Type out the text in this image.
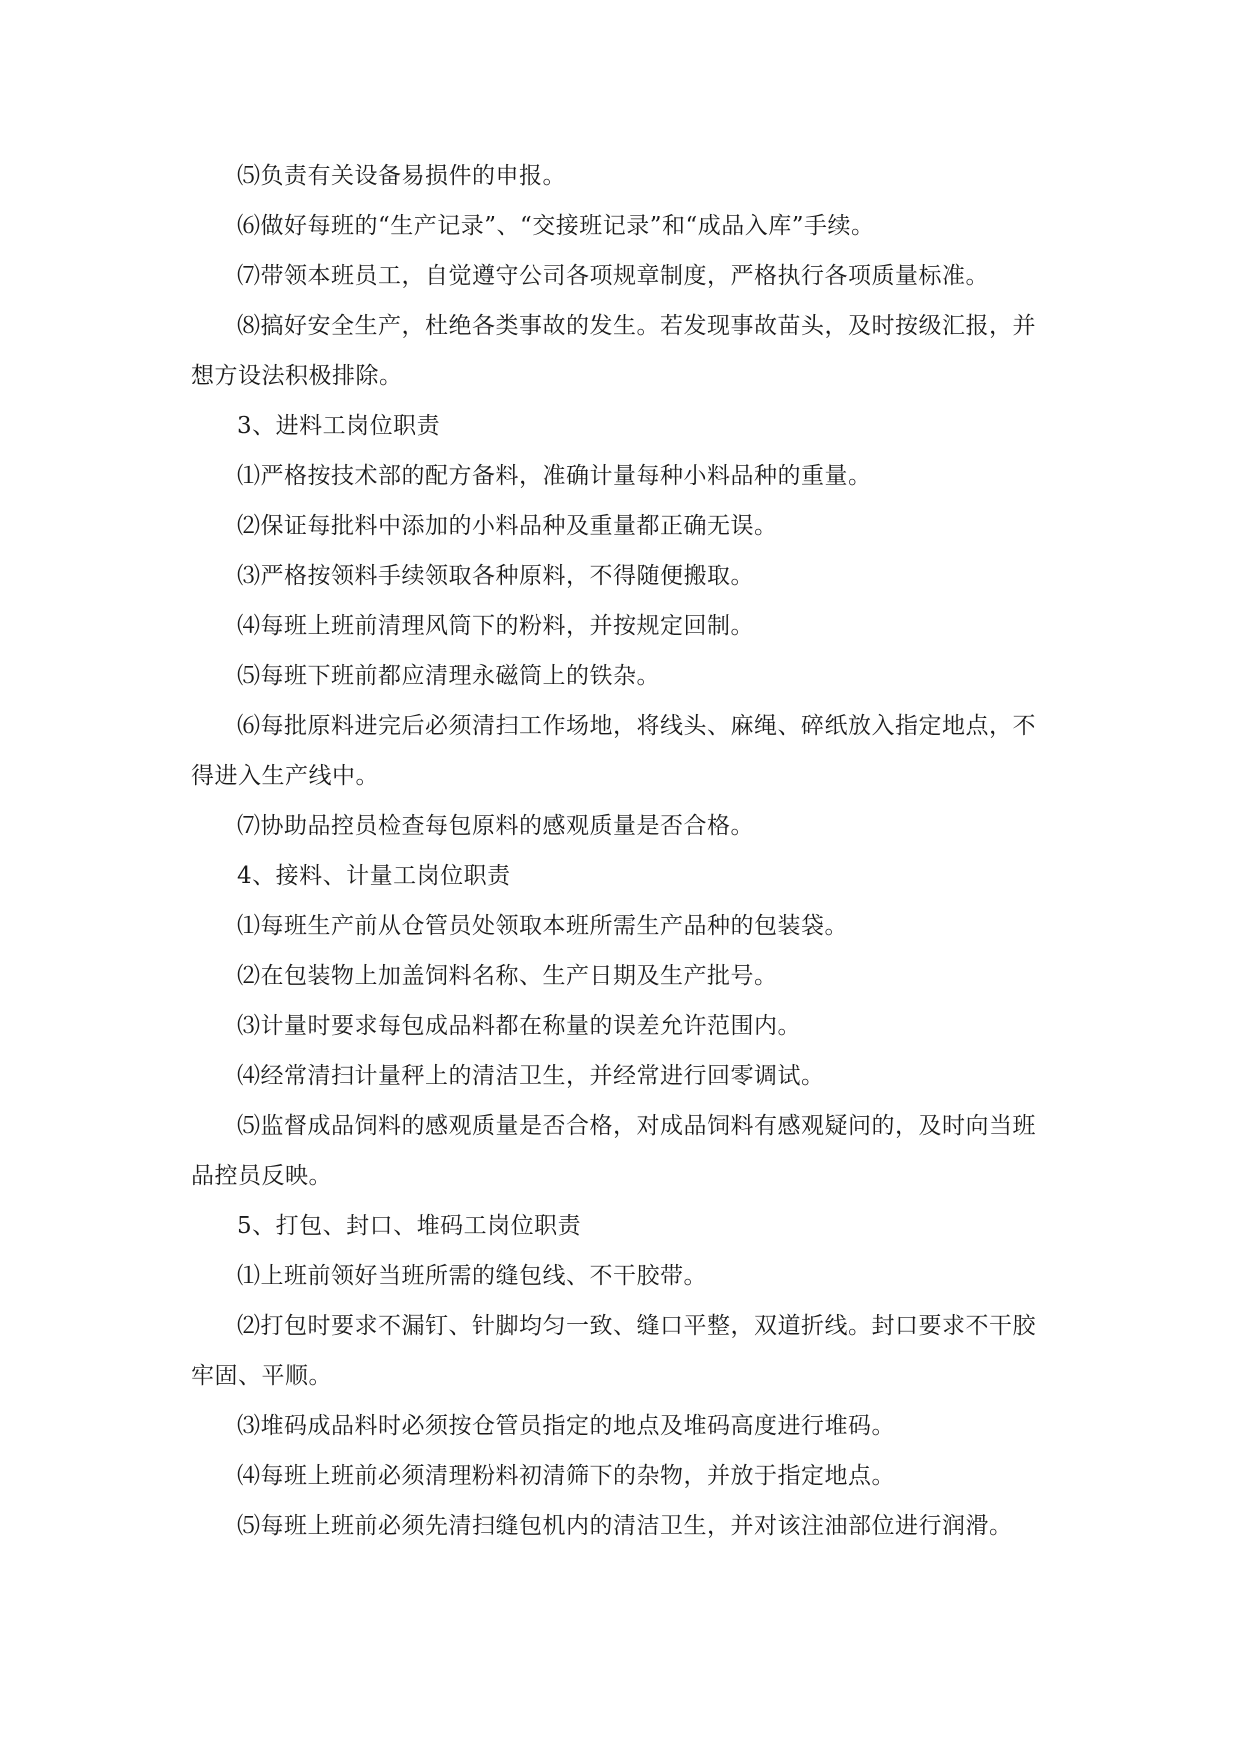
⑸负责有关设备易损件的申报。

⑹做好每班的“生产记录”、“交接班记录”和“成品入库”手续。

⑺带领本班员工，自觉遵守公司各项规章制度，严格执行各项质量标准。

⑻搞好安全生产，杜绝各类事故的发生。若发现事故苗头，及时按级汇报，并想方设法积极排除。

3、进料工岗位职责

⑴严格按技术部的配方备料，准确计量每种小料品种的重量。

⑵保证每批料中添加的小料品种及重量都正确无误。

⑶严格按领料手续领取各种原料，不得随便搬取。

⑷每班上班前清理风筒下的粉料，并按规定回制。

⑸每班下班前都应清理永磁筒上的铁杂。

⑹每批原料进完后必须清扫工作场地，将线头、麻绳、碎纸放入指定地点，不得进入生产线中。

⑺协助品控员检查每包原料的感观质量是否合格。

4、接料、计量工岗位职责

⑴每班生产前从仓管员处领取本班所需生产品种的包装袋。

⑵在包装物上加盖饲料名称、生产日期及生产批号。

⑶计量时要求每包成品料都在称量的误差允许范围内。

⑷经常清扫计量秤上的清洁卫生，并经常进行回零调试。

⑸监督成品饲料的感观质量是否合格，对成品饲料有感观疑问的，及时向当班品控员反映。

5、打包、封口、堆码工岗位职责

⑴上班前领好当班所需的缝包线、不干胶带。

⑵打包时要求不漏钉、针脚均匀一致、缝口平整，双道折线。封口要求不干胶牢固、平顺。

⑶堆码成品料时必须按仓管员指定的地点及堆码高度进行堆码。

⑷每班上班前必须清理粉料初清筛下的杂物，并放于指定地点。

⑸每班上班前必须先清扫缝包机内的清洁卫生，并对该注油部位进行润滑。
